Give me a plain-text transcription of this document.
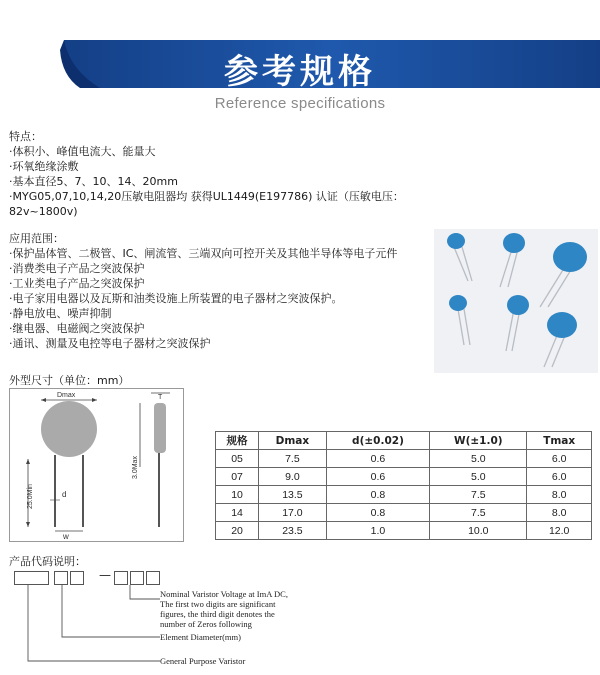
参考规格
Reference specifications
特点：
·体积小、峰值电流大、能量大
·环氧绝缘涂敷
·基本直径5、7、10、14、20mm
·MYG05,07,10,14,20压敏电阻器均 获得UL1449(E197786) 认证（压敏电压：
82v~1800v)
应用范围：
·保护晶体管、二极管、IC、闸流管、三端双向可控开关及其他半导体等电子元件
·消费类电子产品之突波保护
·工业类电子产品之突波保护
·电子家用电器以及瓦斯和油类设施上所装置的电子器材之突波保护。
·静电放电、噪声抑制
·继电器、电磁阀之突波保护
·通讯、测量及电控等电子器材之突波保护
外型尺寸（单位：mm）
Dmax
25.0Min	d
w
T
3.0Max
规格	Dmax	d(±0.02)	W(±1.0)	Tmax
05	7.5	0.6	5.0	6.0
07	9.0	0.6	5.0	6.0
10	13.5	0.8	7.5	8.0
14	17.0	0.8	7.5	8.0
20	23.5	1.0	10.0	12.0
产品代码说明：
—
Nominal Varistor Voltage at ImA DC,
The first two digits are significant
figures, the third digit denotes the
number of Zeros following
Element Diameter(mm)
General Purpose Varistor
